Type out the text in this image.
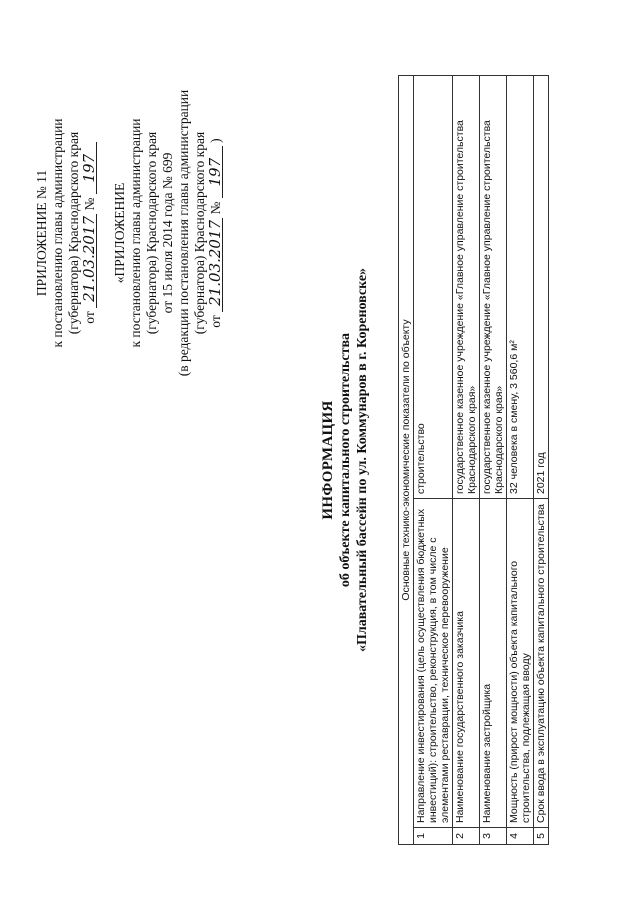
ПРИЛОЖЕНИЕ № 11 к постановлению главы администрации (губернатора) Краснодарского края от 21.03.2017 № 197
«ПРИЛОЖЕНИЕ к постановлению главы администрации (губернатора) Краснодарского края от 15 июля 2014 года № 699 (в редакции постановления главы администрации (губернатора) Краснодарского края от 21.03.2017 № 197 )
ИНФОРМАЦИЯ об объекте капитального строительства «Плавательный бассейн по ул. Коммунаров в г. Кореновске»	Основные технико-экономические показатели по объекту		
1	Направление инвестирования (цель осуществления бюджетных инвестиций): строительство, реконструкция, в том числе с элементами реставрации, техническое перевооружение	строительство
2	Наименование государственного заказчика	государственное казенное учреждение «Главное управление строительства Краснодарского края»
3	Наименование застройщика	государственное казенное учреждение «Главное управление строительства Краснодарского края»
4	Мощность (прирост мощности) объекта капитального строительства, подлежащая вводу	32 человека в смену, 3 560,6 м²
5	Срок ввода в эксплуатацию объекта капитального строительства	2021 год
